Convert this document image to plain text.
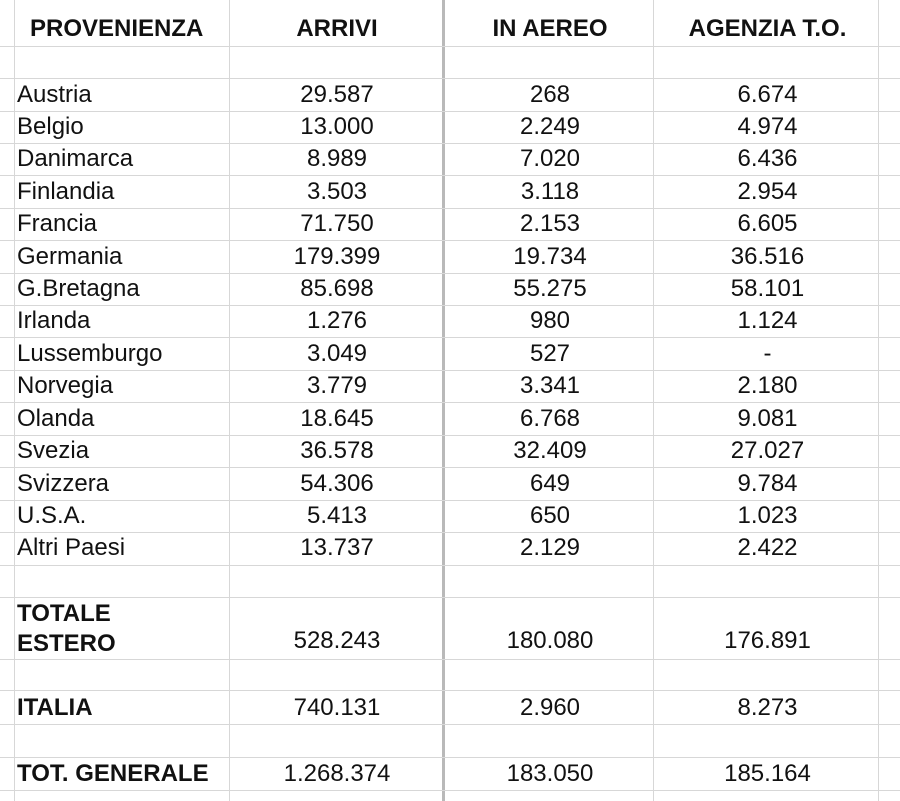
PROVENIENZA	ARRIVI	IN AEREO	AGENZIA T.O.
Austria	29.587	268	6.674
Belgio	13.000	2.249	4.974
Danimarca	8.989	7.020	6.436
Finlandia	3.503	3.118	2.954
Francia	71.750	2.153	6.605
Germania	179.399	19.734	36.516
G.Bretagna	85.698	55.275	58.101
Irlanda	1.276	980	1.124
Lussemburgo	3.049	527	-
Norvegia	3.779	3.341	2.180
Olanda	18.645	6.768	9.081
Svezia	36.578	32.409	27.027
Svizzera	54.306	649	9.784
U.S.A.	5.413	650	1.023
Altri Paesi	13.737	2.129	2.422
TOTALE
ESTERO	528.243	180.080	176.891
ITALIA	740.131	2.960	8.273
TOT. GENERALE	1.268.374	183.050	185.164
